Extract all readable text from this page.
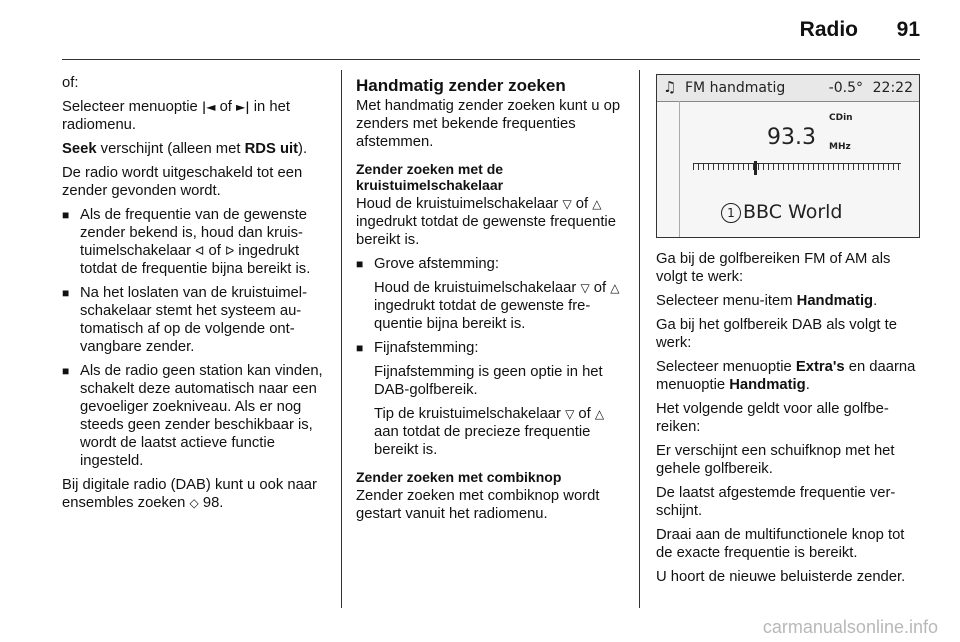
Radio 91

of:

Selecteer menuoptie |◄ of ►| in het radiomenu.

Seek verschijnt (alleen met RDS uit).

De radio wordt uitgeschakeld tot een zender gevonden wordt.

■ Als de frequentie van de gewenste zender bekend is, houd dan kruistuimelschakelaar ᐊ of ᐅ ingedrukt totdat de frequentie bijna bereikt is.
■ Na het loslaten van de kruistuimelschakelaar stemt het systeem automatisch af op de volgende ontvangbare zender.
■ Als de radio geen station kan vinden, schakelt deze automatisch naar een gevoeliger zoekniveau. Als er nog steeds geen zender beschikbaar is, wordt de laatst actieve functie ingesteld.

Bij digitale radio (DAB) kunt u ook naar ensembles zoeken ◇ 98.

Handmatig zender zoeken

Met handmatig zender zoeken kunt u op zenders met bekende frequenties afstemmen.

Zender zoeken met de kruistuimelschakelaar

Houd de kruistuimelschakelaar ▽ of △ ingedrukt totdat de gewenste frequentie bereikt is.

■ Grove afstemming:

Houd de kruistuimelschakelaar ▽ of △ ingedrukt totdat de gewenste frequentie bijna bereikt is.

■ Fijnafstemming:

Fijnafstemming is geen optie in het DAB-golfbereik.

Tip de kruistuimelschakelaar ▽ of △ aan totdat de precieze frequentie bereikt is.

Zender zoeken met combiknop

Zender zoeken met combiknop wordt gestart vanuit het radiomenu.

♫ FM handmatig	-0.5° 22:22
CDin
93.3 MHz
1 BBC World

Ga bij de golfbereiken FM of AM als volgt te werk:

Selecteer menu-item Handmatig.

Ga bij het golfbereik DAB als volgt te werk:

Selecteer menuoptie Extra's en daarna menuoptie Handmatig.

Het volgende geldt voor alle golfbereiken:

Er verschijnt een schuifknop met het gehele golfbereik.

De laatst afgestemde frequentie verschijnt.

Draai aan de multifunctionele knop tot de exacte frequentie is bereikt.

U hoort de nieuwe beluisterde zender.

carmanualsonline.info
